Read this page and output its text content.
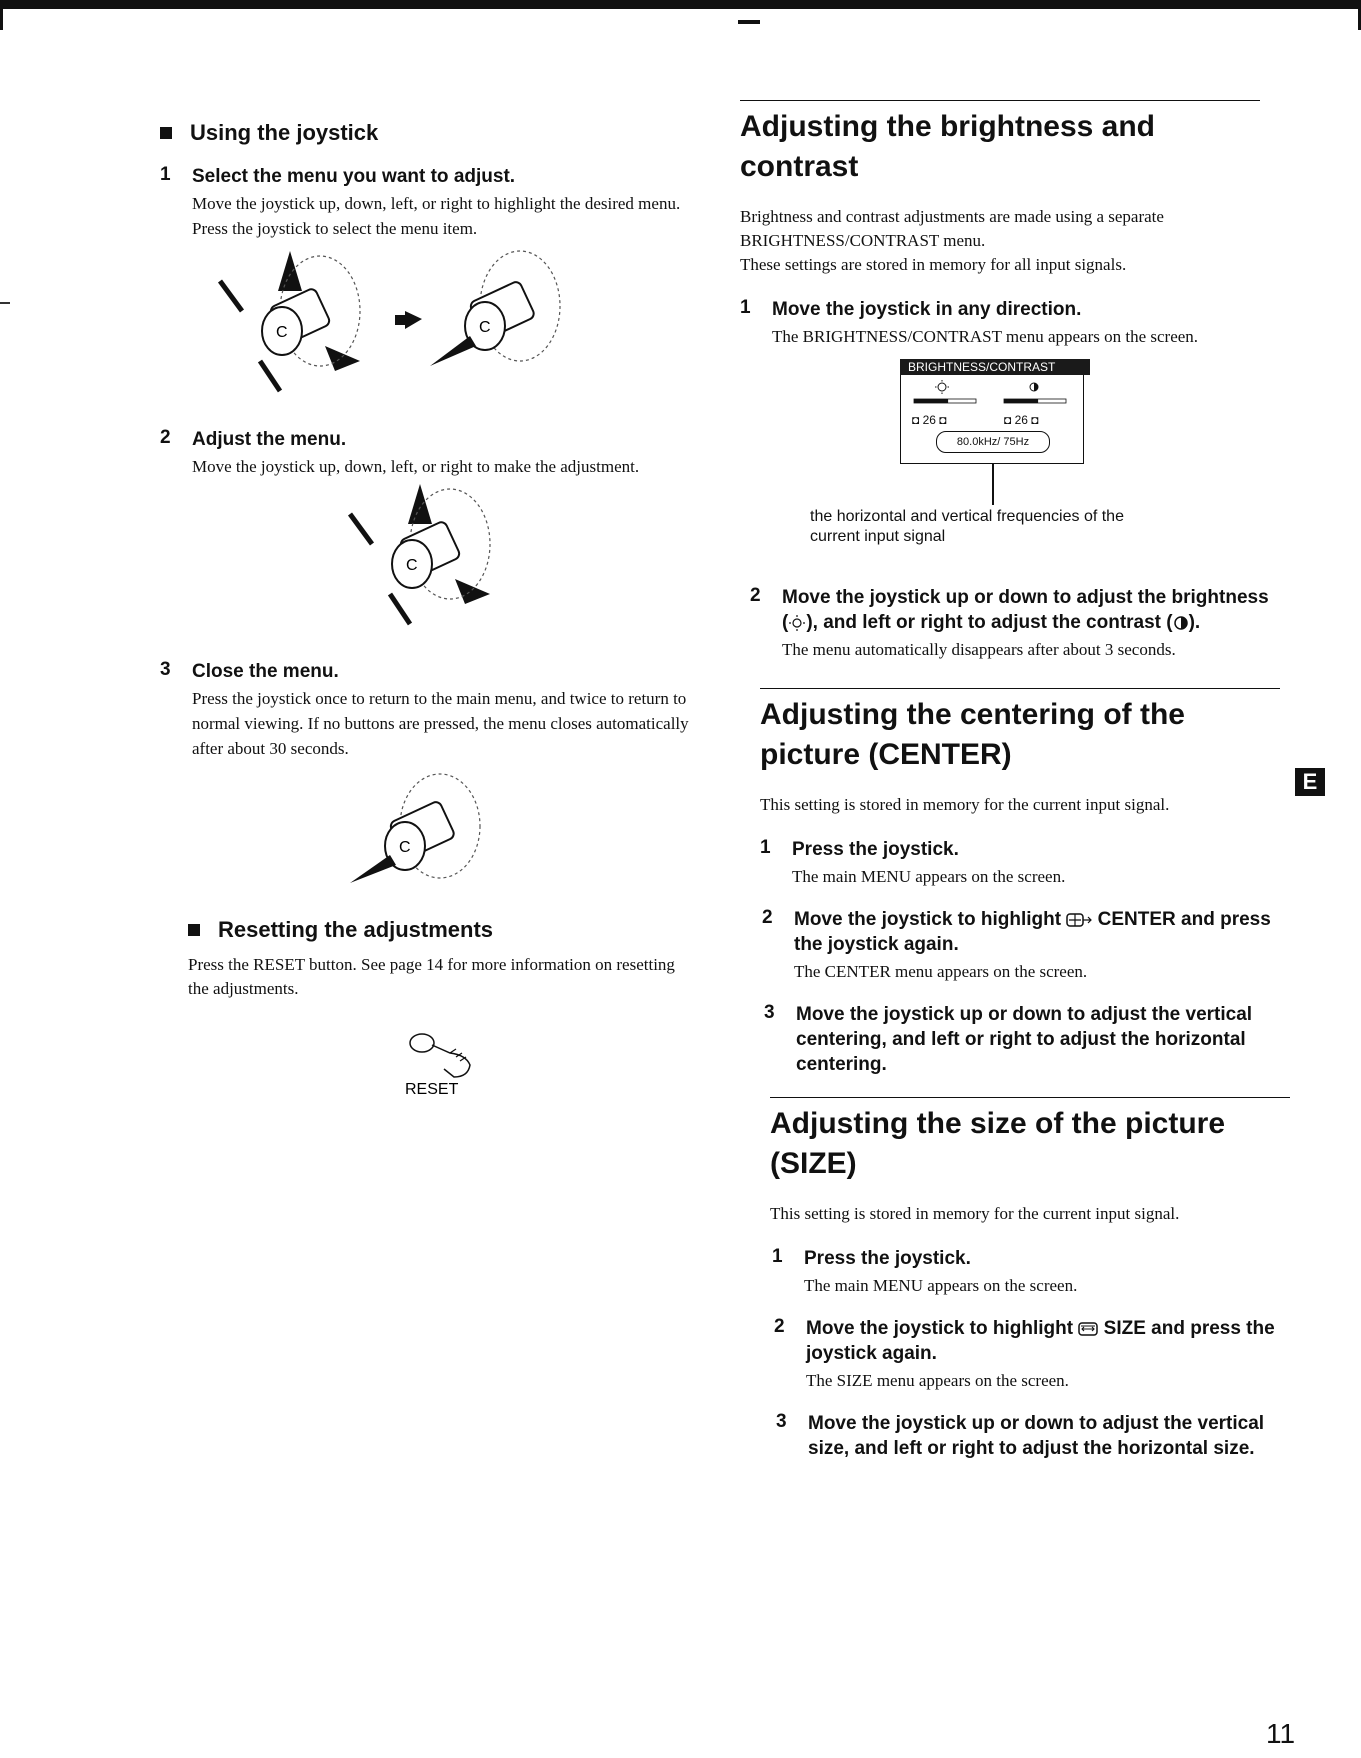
Using the joystick
1	Select the menu you want to adjust.
Move the joystick up, down, left, or right to highlight the desired menu. Press the joystick to select the menu item.
C	C
2	Adjust the menu.
Move the joystick up, down, left, or right to make the adjustment.
C
3	Close the menu.
Press the joystick once to return to the main menu, and twice to return to normal viewing. If no buttons are pressed, the menu closes automatically after about 30 seconds.
C
Resetting the adjustments
Press the RESET button. See page 14 for more information on resetting the adjustments.
RESET
Adjusting the brightness and
contrast
Brightness and contrast adjustments are made using a separate BRIGHTNESS/CONTRAST menu.
These settings are stored in memory for all input signals.
1	Move the joystick in any direction.
The BRIGHTNESS/CONTRAST menu appears on the screen.
BRIGHTNESS/CONTRAST
◘ 26 ◘	◘ 26 ◘
80.0kHz/ 75Hz
the horizontal and vertical frequencies of the current input signal
2	Move the joystick up or down to adjust the brightness ( ), and left or right to adjust the contrast ( ).
The menu automatically disappears after about 3 seconds.
Adjusting the centering of the
picture (CENTER)
This setting is stored in memory for the current input signal.
1	Press the joystick.
The main MENU appears on the screen.
2	Move the joystick to highlight CENTER and press the joystick again.
The CENTER menu appears on the screen.
3	Move the joystick up or down to adjust the vertical centering, and left or right to adjust the horizontal centering.
Adjusting the size of the picture
(SIZE)
This setting is stored in memory for the current input signal.
1	Press the joystick.
The main MENU appears on the screen.
2	Move the joystick to highlight SIZE and press the joystick again.
The SIZE menu appears on the screen.
3	Move the joystick up or down to adjust the vertical size, and left or right to adjust the horizontal size.
E
11
